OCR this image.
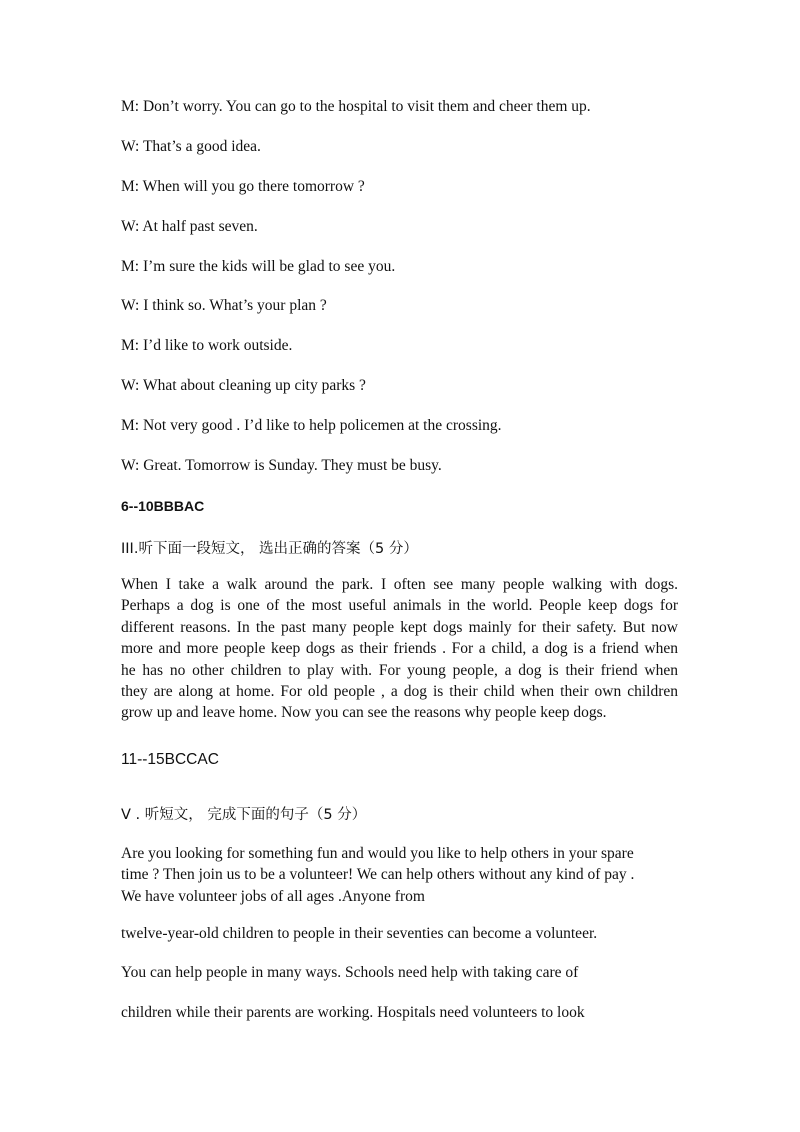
M: Don’t worry. You can go to the hospital to visit them and cheer them up.
W: That’s a good idea.
M: When will you go there tomorrow ?
W: At half past seven.
M: I’m sure the kids will be glad to see you.
W: I think so. What’s your plan ?
M: I’d like to work outside.
W: What about cleaning up city parks ?
M: Not very good . I’d like to help policemen at the crossing.
W: Great. Tomorrow is Sunday. They must be busy.
6--10BBBAC
III.听下面一段短文， 选出正确的答案（5 分）
When I take a walk around the park. I often see many people walking with dogs.
Perhaps a dog is one of the most useful animals in the world. People keep dogs for
different reasons. In the past many people kept dogs mainly for their safety. But now
more and more people keep dogs as their friends . For a child, a dog is a friend when
he has no other children to play with. For young people, a dog is their friend when
they are along at home. For old people , a dog is their child when their own children
grow up and leave home. Now you can see the reasons why people keep dogs.
11--15BCCAC
V . 听短文， 完成下面的句子（5 分）
Are you looking for something fun and would you like to help others in your spare
time ? Then join us to be a volunteer! We can help others without any kind of pay .
We have volunteer jobs of all ages .Anyone from
twelve-year-old children to people in their seventies can become a volunteer.
You can help people in many ways. Schools need help with taking care of
children while their parents are working. Hospitals need volunteers to look
